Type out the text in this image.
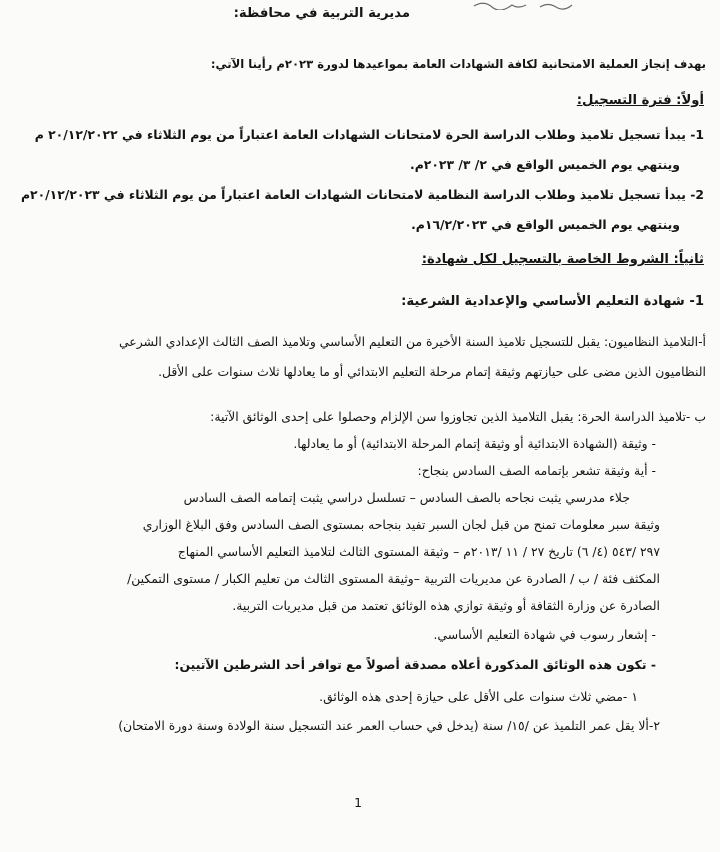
مديرية التربية في محافظة:
بهدف إنجاز العملية الامتحانية لكافة الشهادات العامة بمواعيدها لدورة ٢٠٢٣م رأينا الآتي:
أولاً: فترة التسجيل:
1- يبدأ تسجيل تلاميذ وطلاب الدراسة الحرة لامتحانات الشهادات العامة اعتباراً من يوم الثلاثاء في ٢٠/١٢/٢٠٢٢ م
وينتهي يوم الخميس الواقع في ٢/ ٣/ ٢٠٢٣م.
2- يبدأ تسجيل تلاميذ وطلاب الدراسة النظامية لامتحانات الشهادات العامة اعتباراً من يوم الثلاثاء في ٢٠/١٢/٢٠٢٣م
وينتهي يوم الخميس الواقع في ١٦/٢/٢٠٢٣م.
ثانياً: الشروط الخاصة بالتسجيل لكل شهادة:
1- شهادة التعليم الأساسي والإعدادية الشرعية:
أ-التلاميذ النظاميون: يقبل للتسجيل تلاميذ السنة الأخيرة من التعليم الأساسي وتلاميذ الصف الثالث الإعدادي الشرعي
النظاميون الذين مضى على حيازتهم وثيقة إتمام مرحلة التعليم الابتدائي أو ما يعادلها ثلاث سنوات على الأقل.
ب -تلاميذ الدراسة الحرة: يقبل التلاميذ الذين تجاوزوا سن الإلزام وحصلوا على إحدى الوثائق الآتية:
- وثيقة (الشهادة الابتدائية أو وثيقة إتمام المرحلة الابتدائية) أو ما يعادلها.
- أية وثيقة تشعر بإتمامه الصف السادس بنجاح:
جلاء مدرسي يثبت نجاحه بالصف السادس – تسلسل دراسي يثبت إتمامه الصف السادس
وثيقة سبر معلومات تمنح من قبل لجان السبر تفيد بنجاحه بمستوى الصف السادس وفق البلاغ الوزاري
٢٩٧ /٥٤٣ (٤/ ٦) تاريخ ٢٧ / ١١ /٢٠١٣م – وثيقة المستوى الثالث لتلاميذ التعليم الأساسي المنهاج
المكثف فئة / ب / الصادرة عن مديريات التربية –وثيقة المستوى الثالث من تعليم الكبار / مستوى التمكين/
الصادرة عن وزارة الثقافة أو وثيقة توازي هذه الوثائق تعتمد من قبل مديريات التربية.
- إشعار رسوب في شهادة التعليم الأساسي.
- تكون هذه الوثائق المذكورة أعلاه مصدقة أصولاً مع توافر أحد الشرطين الآتيين:
١ -مضي ثلاث سنوات على الأقل على حيازة إحدى هذه الوثائق.
٢-ألا يقل عمر التلميذ عن /١٥/ سنة (يدخل في حساب العمر عند التسجيل سنة الولادة وسنة دورة الامتحان)
1
